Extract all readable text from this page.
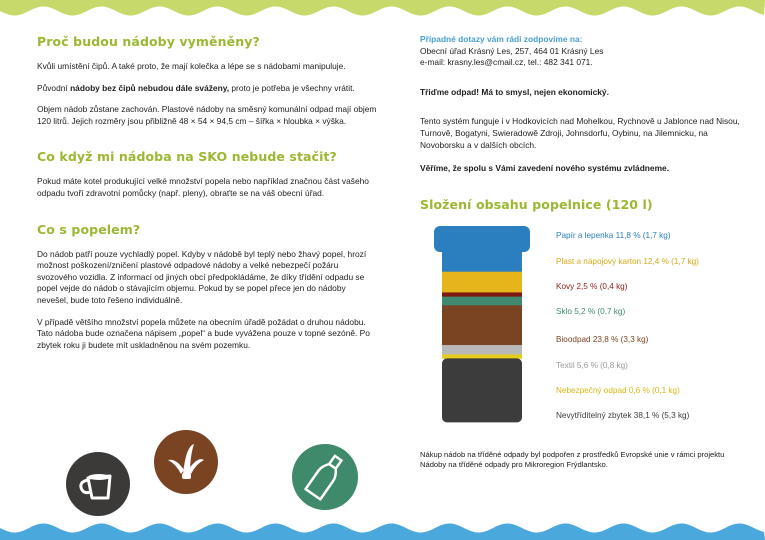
Proč budou nádoby vyměněny?

Kvůli umístění čipů. A také proto, že mají kolečka a lépe se s nádobami manipuluje.

Původní nádoby bez čipů nebudou dále sváženy, proto je potřeba je všechny vrátit.

Objem nádob zůstane zachován. Plastové nádoby na směsný komunální odpad mají objem 120 litrů. Jejich rozměry jsou přibližně 48 × 54 × 94,5 cm – šířka × hloubka × výška.

Co když mi nádoba na SKO nebude stačit?

Pokud máte kotel produkující velké množství popela nebo například značnou část vašeho odpadu tvoří zdravotní pomůcky (např. pleny), obraťte se na váš obecní úřad.

Co s popelem?

Do nádob patří pouze vychladlý popel. Kdyby v nádobě byl teplý nebo žhavý popel, hrozí možnost poškození/zničení plastové odpadové nádoby a velké nebezpečí požáru svozového vozidla. Z informací od jiných obcí předpokládáme, že díky třídění odpadu se popel vejde do nádob o stávajícím objemu. Pokud by se popel přece jen do nádoby nevešel, bude toto řešeno individuálně.

V případě většího množství popela můžete na obecním úřadě požádat o druhou nádobu. Tato nádoba bude označena nápisem „popel“ a bude vyvážena pouze v topné sezóně. Po zbytek roku ji budete mít uskladněnou na svém pozemku.

Případné dotazy vám rádi zodpovíme na:

Obecní úřad Krásný Les, 257, 464 01 Krásný Les

e-mail: krasny.les@cmail.cz, tel.: 482 341 071.

Třiďme odpad! Má to smysl, nejen ekonomický.

Tento systém funguje i v Hodkovicích nad Mohelkou, Rychnově u Jablonce nad Nisou, Turnově, Bogatyni, Swieradowě Zdroji, Johnsdorfu, Oybinu, na Jilemnicku, na Novoborsku a v dalších obcích.

Věříme, že spolu s Vámi zavedení nového systému zvládneme.

Složení obsahu popelnice (120 l)
Papír a lepenka 11,8 % (1,7 kg)
Plast a nápojový karton 12,4 % (1,7 kg)
Kovy 2,5 % (0,4 kg)
Sklo 5,2 % (0,7 kg)
Bioodpad 23,8 % (3,3 kg)
Textil 5,6 % (0,8 kg)
Nebezpečný odpad 0,6 % (0,1 kg)
Nevytříditelný zbytek 38,1 % (5,3 kg)
Nákup nádob na tříděné odpady byl podpořen z prostředků Evropské unie v rámci projektu Nádoby na tříděné odpady pro Mikroregion Frýdlantsko.
